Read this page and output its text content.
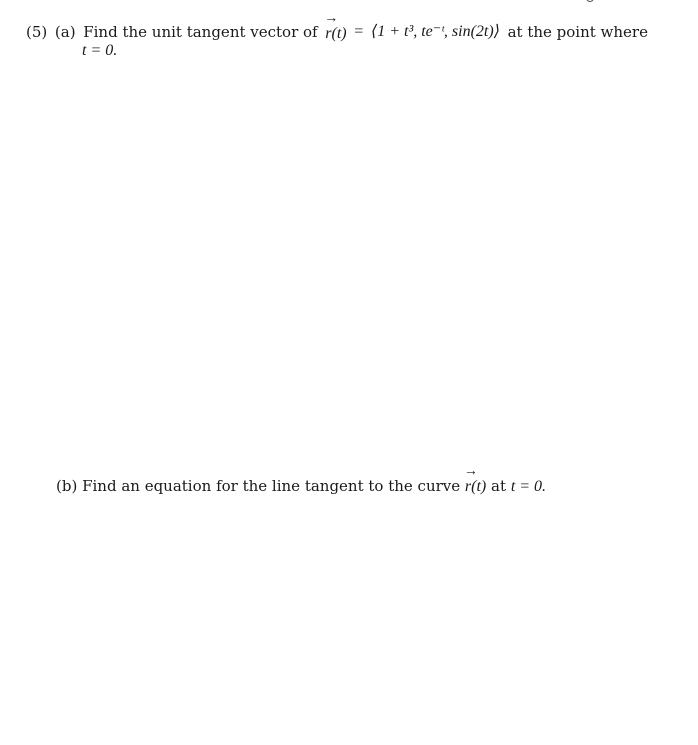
(5) (a) Find the unit tangent vector of
→
r(t) = ⟨1 + t³, te⁻ᵗ, sin(2t)⟩ at the point where
t = 0.
(b) Find an equation for the line tangent to the curve
→
r(t) at t = 0.
